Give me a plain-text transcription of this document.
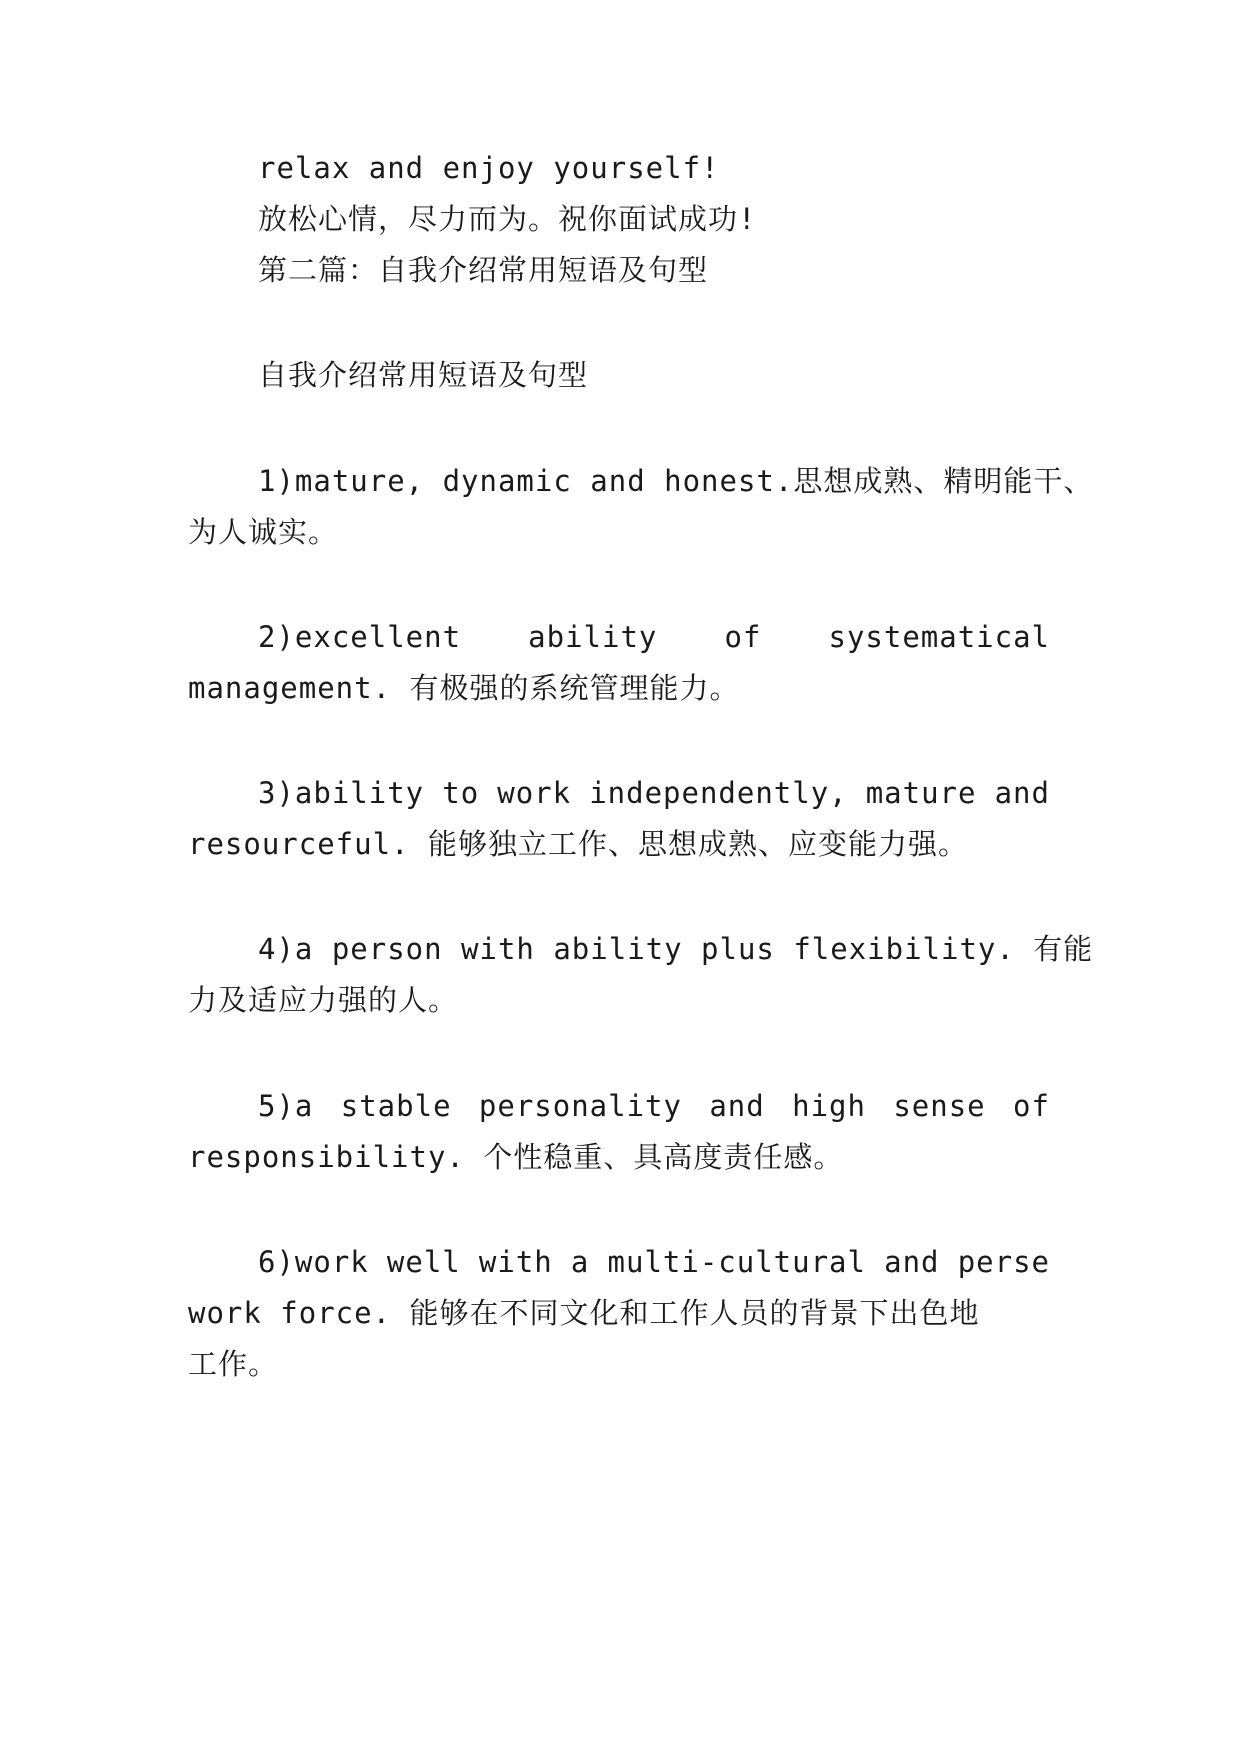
relax and enjoy yourself!
放松心情，尽力而为。祝你面试成功!
第二篇：自我介绍常用短语及句型
自我介绍常用短语及句型
1)mature, dynamic and honest.思想成熟、精明能干、
为人诚实。
2)excellent ability of systematical
management. 有极强的系统管理能力。
3)ability to work independently, mature and
resourceful. 能够独立工作、思想成熟、应变能力强。
4)a person with ability plus flexibility. 有能
力及适应力强的人。
5)a stable personality and high sense of
responsibility. 个性稳重、具高度责任感。
6)work well with a multi-cultural and perse
work force. 能够在不同文化和工作人员的背景下出色地
工作。
